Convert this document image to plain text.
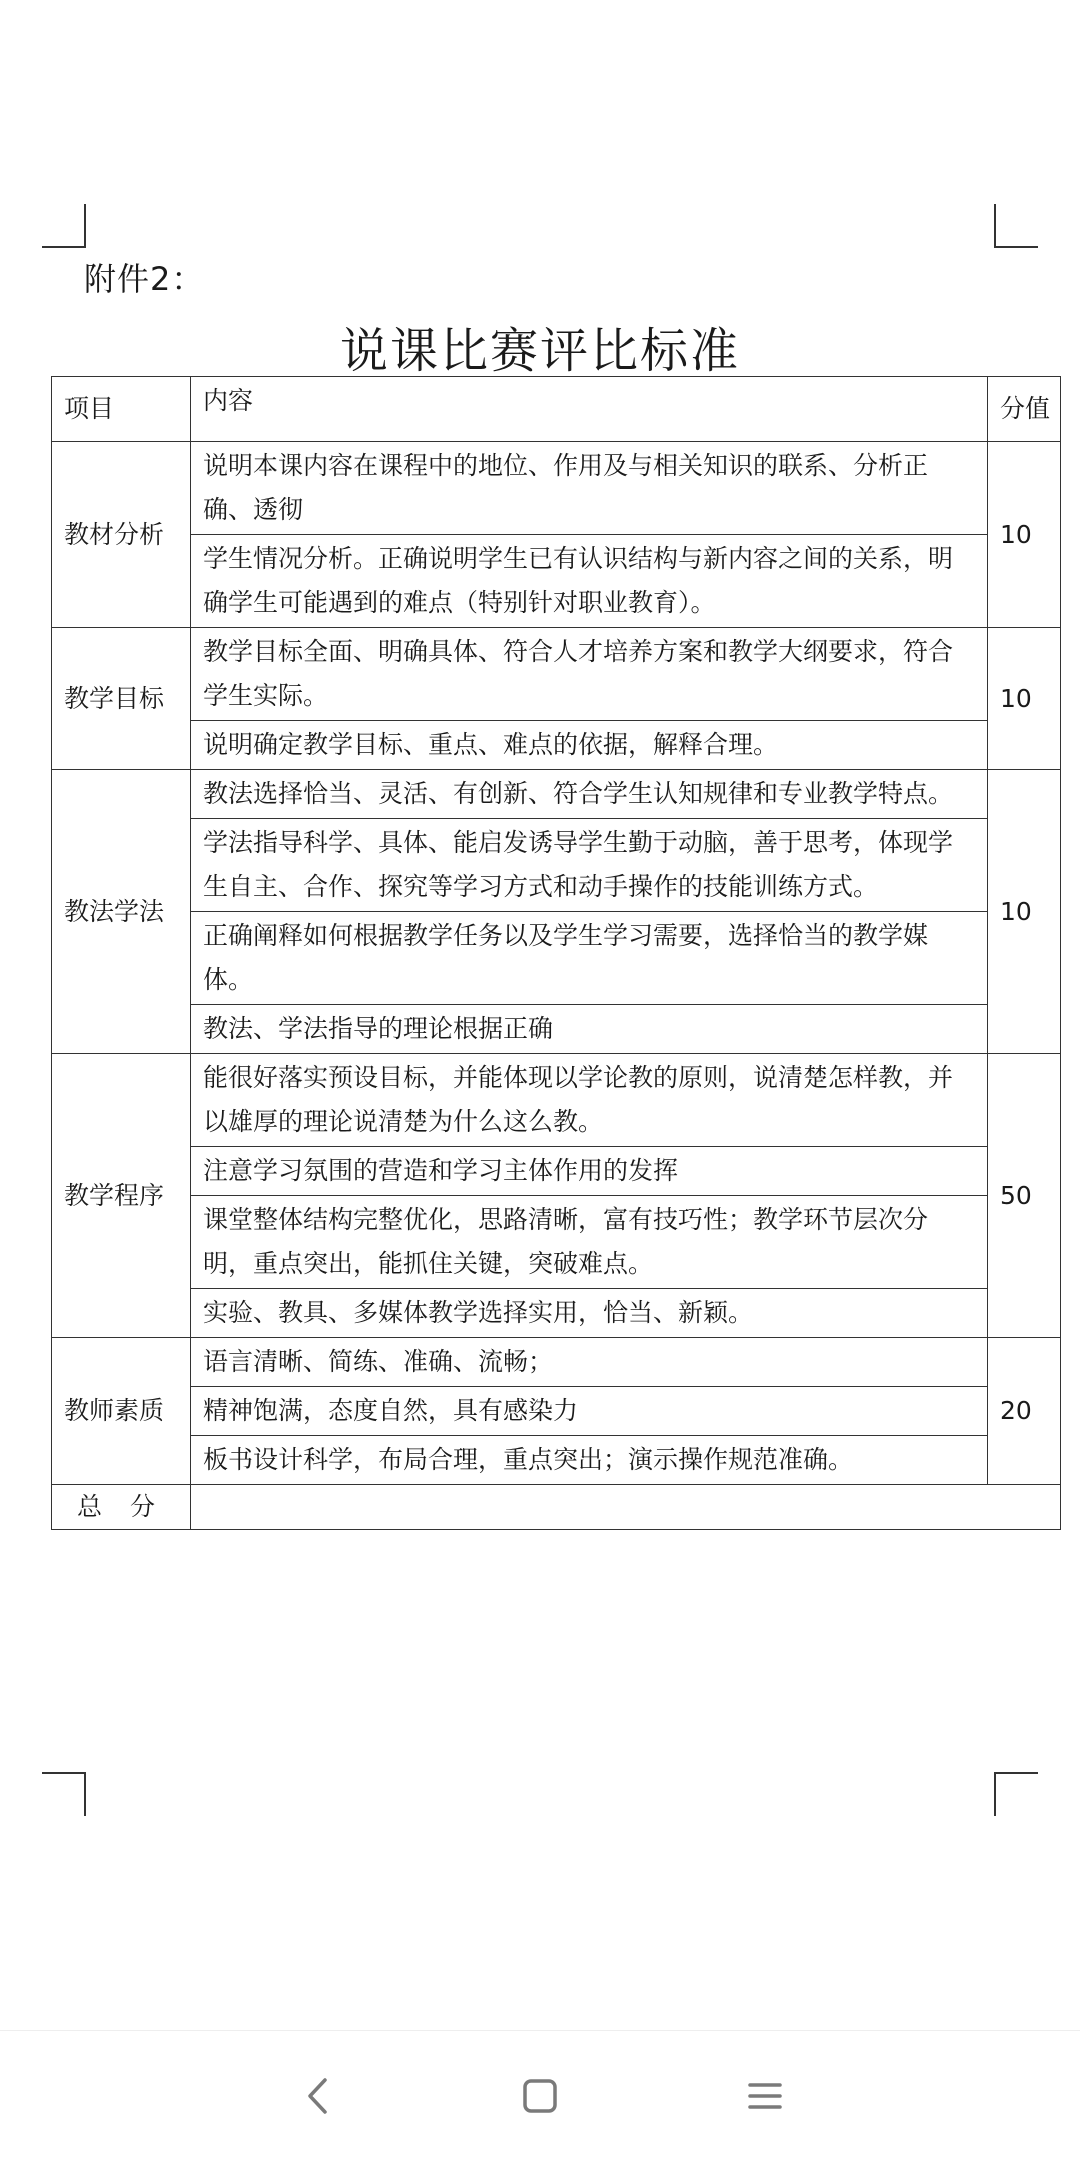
附件2：
说课比赛评比标准
项目	内容	分值
教材分析	说明本课内容在课程中的地位、作用及与相关知识的联系、分析正确、透彻	10
	学生情况分析。正确说明学生已有认识结构与新内容之间的关系，明确学生可能遇到的难点（特别针对职业教育）。	
教学目标	教学目标全面、明确具体、符合人才培养方案和教学大纲要求，符合学生实际。	10
	说明确定教学目标、重点、难点的依据，解释合理。	
教法学法	教法选择恰当、灵活、有创新、符合学生认知规律和专业教学特点。	10
	学法指导科学、具体、能启发诱导学生勤于动脑，善于思考，体现学生自主、合作、探究等学习方式和动手操作的技能训练方式。	
	正确阐释如何根据教学任务以及学生学习需要，选择恰当的教学媒体。	
	教法、学法指导的理论根据正确	
教学程序	能很好落实预设目标，并能体现以学论教的原则，说清楚怎样教，并以雄厚的理论说清楚为什么这么教。	50
	注意学习氛围的营造和学习主体作用的发挥	
	课堂整体结构完整优化，思路清晰，富有技巧性；教学环节层次分明，重点突出，能抓住关键，突破难点。	
	实验、教具、多媒体教学选择实用，恰当、新颖。	
教师素质	语言清晰、简练、准确、流畅；	20
	精神饱满，态度自然，具有感染力	
	板书设计科学，布局合理，重点突出；演示操作规范准确。	
总 分		
